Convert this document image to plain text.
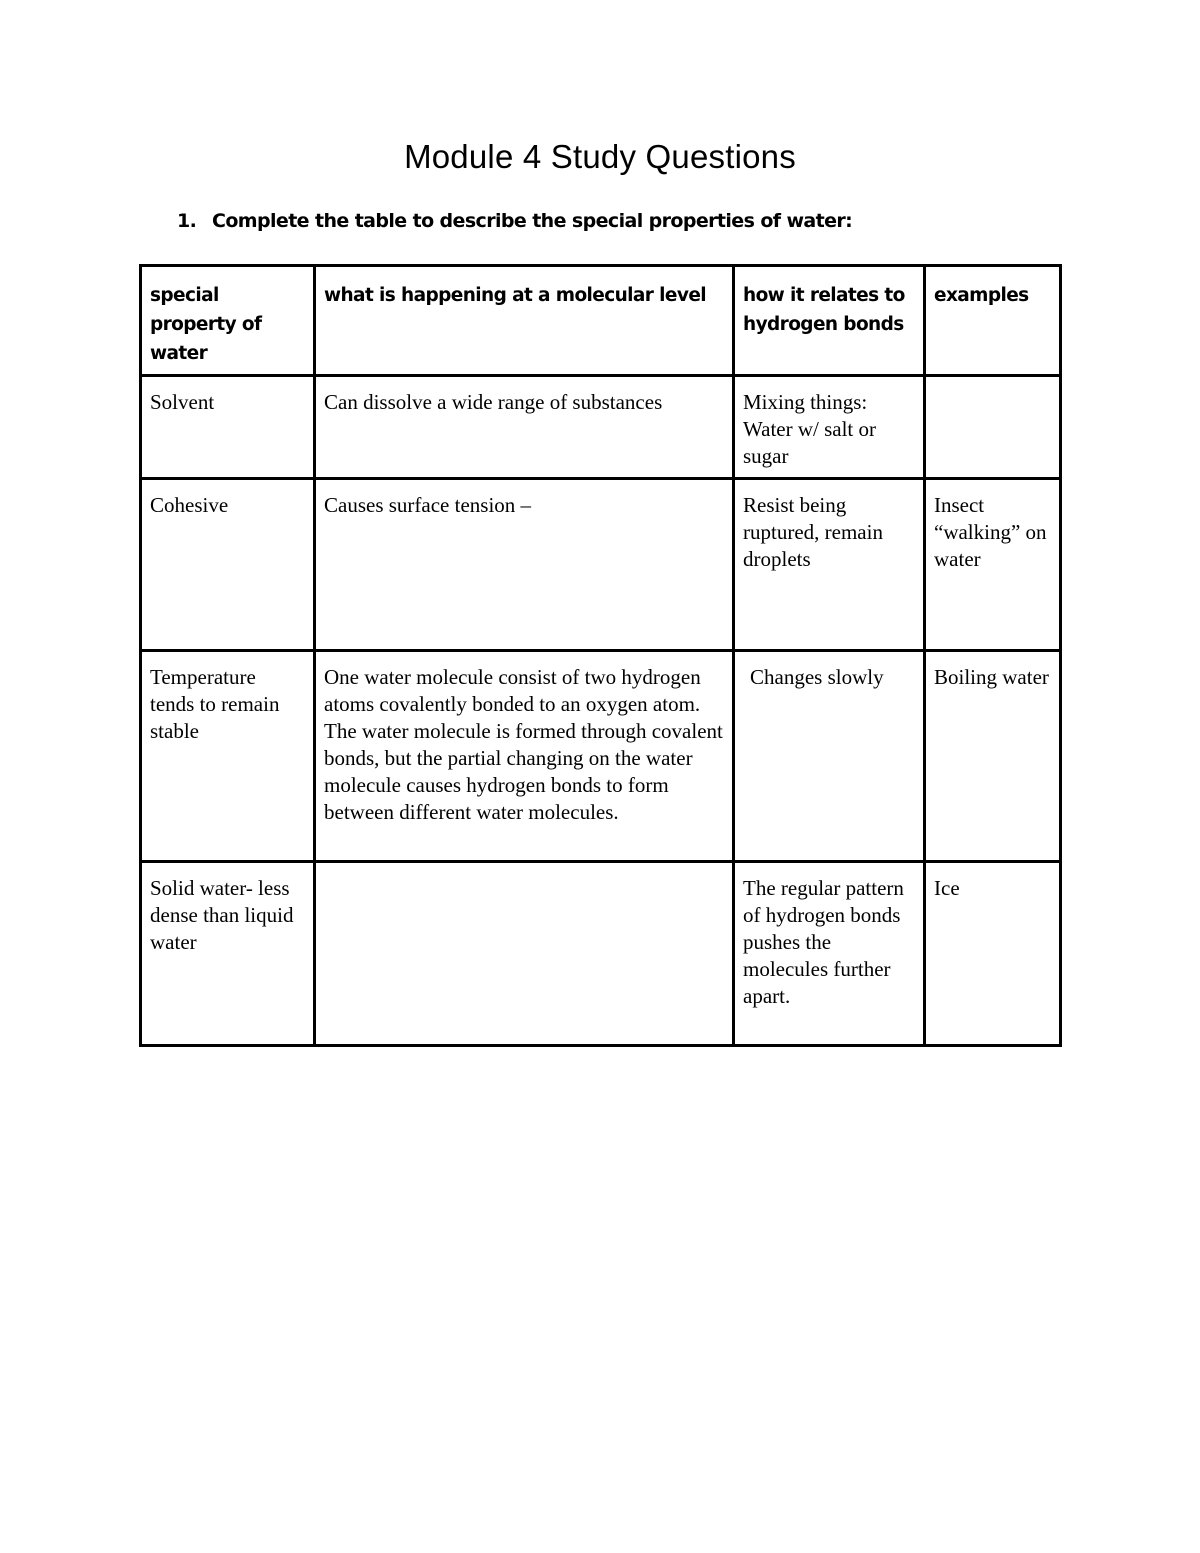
Module 4 Study Questions
1. Complete the table to describe the special properties of water:
special property of water	what is happening at a molecular level	how it relates to hydrogen bonds	examples
Solvent	Can dissolve a wide range of substances	Mixing things: Water w/ salt or sugar	
Cohesive	Causes surface tension –	Resist being ruptured, remain droplets	Insect “walking” on water
Temperature tends to remain stable	One water molecule consist of two hydrogen atoms covalently bonded to an oxygen atom. The water molecule is formed through covalent bonds, but the partial changing on the water molecule causes hydrogen bonds to form between different water molecules.	Changes slowly	Boiling water
Solid water- less dense than liquid water		The regular pattern of hydrogen bonds pushes the molecules further apart.	Ice
